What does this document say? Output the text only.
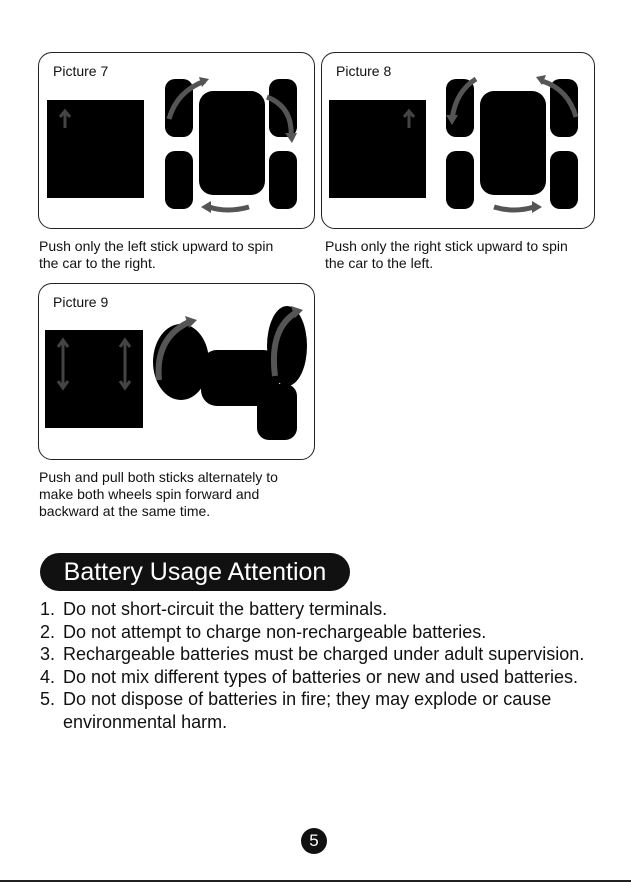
Picture 7
Push only the left stick upward to spin
the car to the right.
Picture 8
Push only the right stick upward to spin
the car to the left.
Picture 9
Push and pull both sticks alternately to
make both wheels spin forward and
backward at the same time.
Battery Usage Attention
1. Do not short-circuit the battery terminals.
2. Do not attempt to charge non-rechargeable batteries.
3. Rechargeable batteries must be charged under adult supervision.
4. Do not mix different types of batteries or new and used batteries.
5. Do not dispose of batteries in fire; they may explode or cause environmental harm.
5
